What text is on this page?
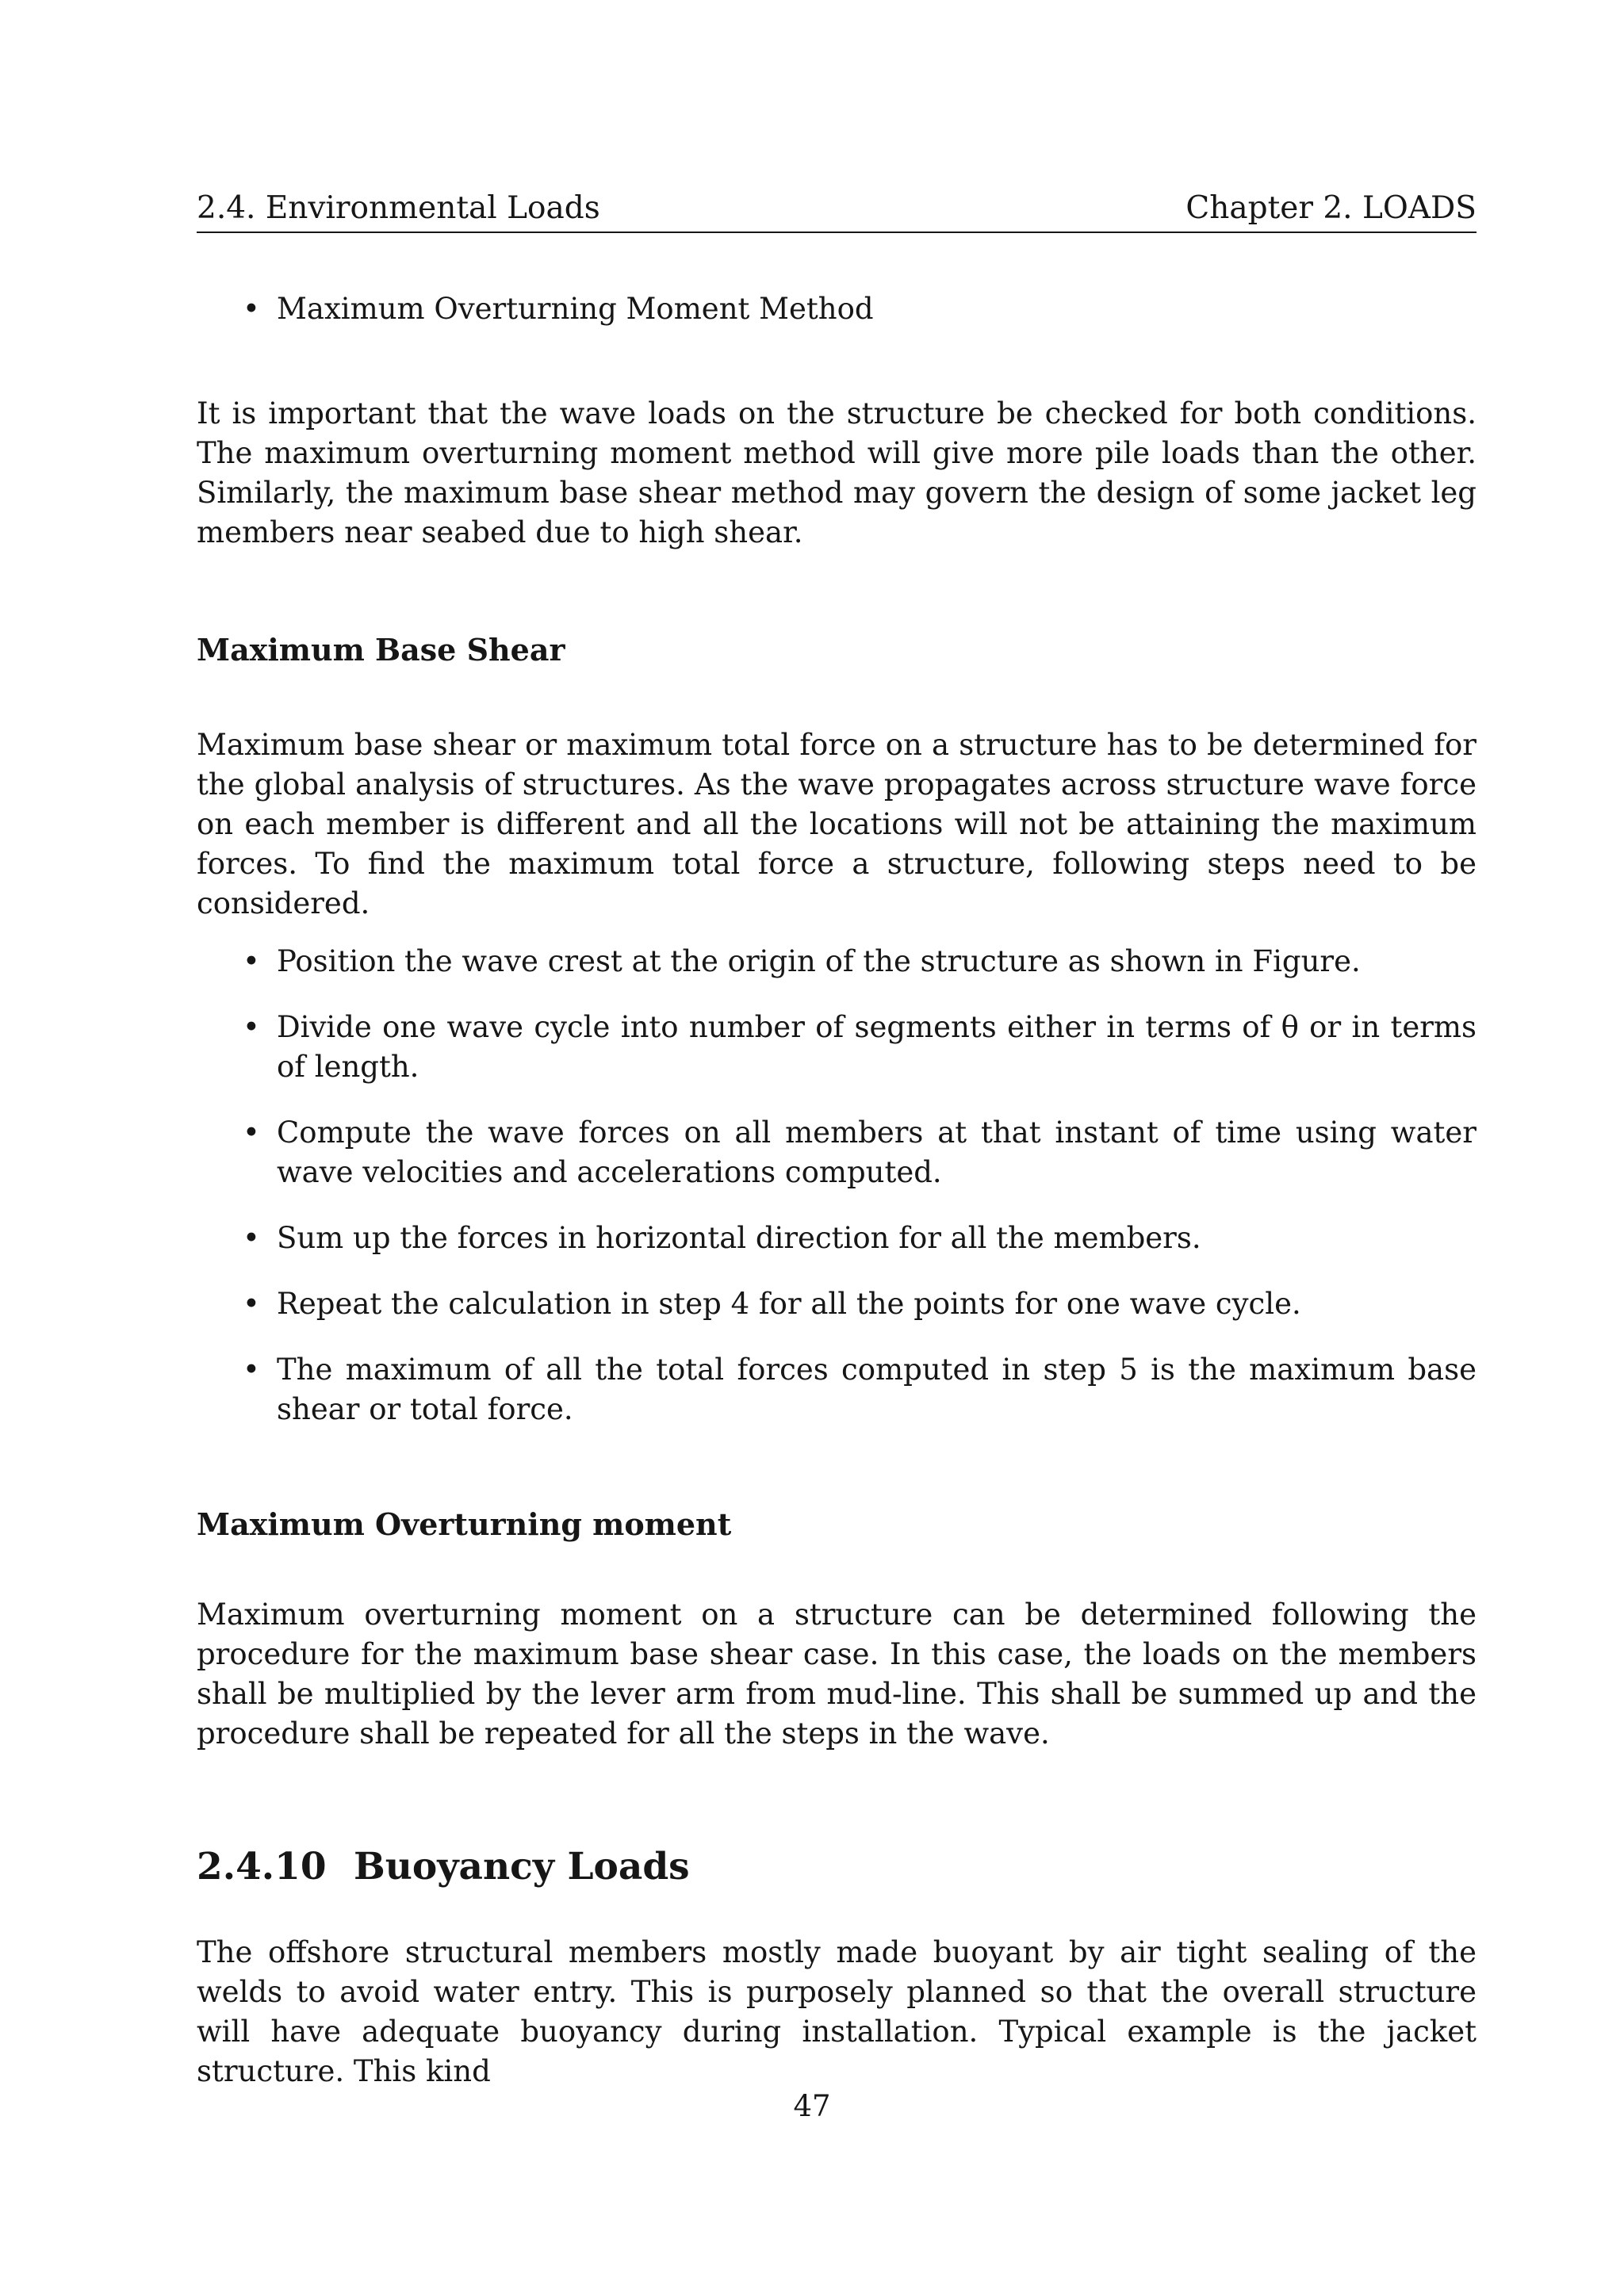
2.4. Environmental Loads	Chapter 2. LOADS
• Maximum Overturning Moment Method

It is important that the wave loads on the structure be checked for both conditions. The maximum overturning moment method will give more pile loads than the other. Similarly, the maximum base shear method may govern the design of some jacket leg members near seabed due to high shear.

Maximum Base Shear

Maximum base shear or maximum total force on a structure has to be determined for the global analysis of structures. As the wave propagates across structure wave force on each member is different and all the locations will not be attaining the maximum forces. To find the maximum total force a structure, following steps need to be considered.

• Position the wave crest at the origin of the structure as shown in Figure.
• Divide one wave cycle into number of segments either in terms of θ or in terms of length.
• Compute the wave forces on all members at that instant of time using water wave velocities and accelerations computed.
• Sum up the forces in horizontal direction for all the members.
• Repeat the calculation in step 4 for all the points for one wave cycle.
• The maximum of all the total forces computed in step 5 is the maximum base shear or total force.
Maximum Overturning moment

Maximum overturning moment on a structure can be determined following the procedure for the maximum base shear case. In this case, the loads on the members shall be multiplied by the lever arm from mud-line. This shall be summed up and the procedure shall be repeated for all the steps in the wave.

2.4.10 Buoyancy Loads

The offshore structural members mostly made buoyant by air tight sealing of the welds to avoid water entry. This is purposely planned so that the overall structure will have adequate buoyancy during installation. Typical example is the jacket structure. This kind

47
